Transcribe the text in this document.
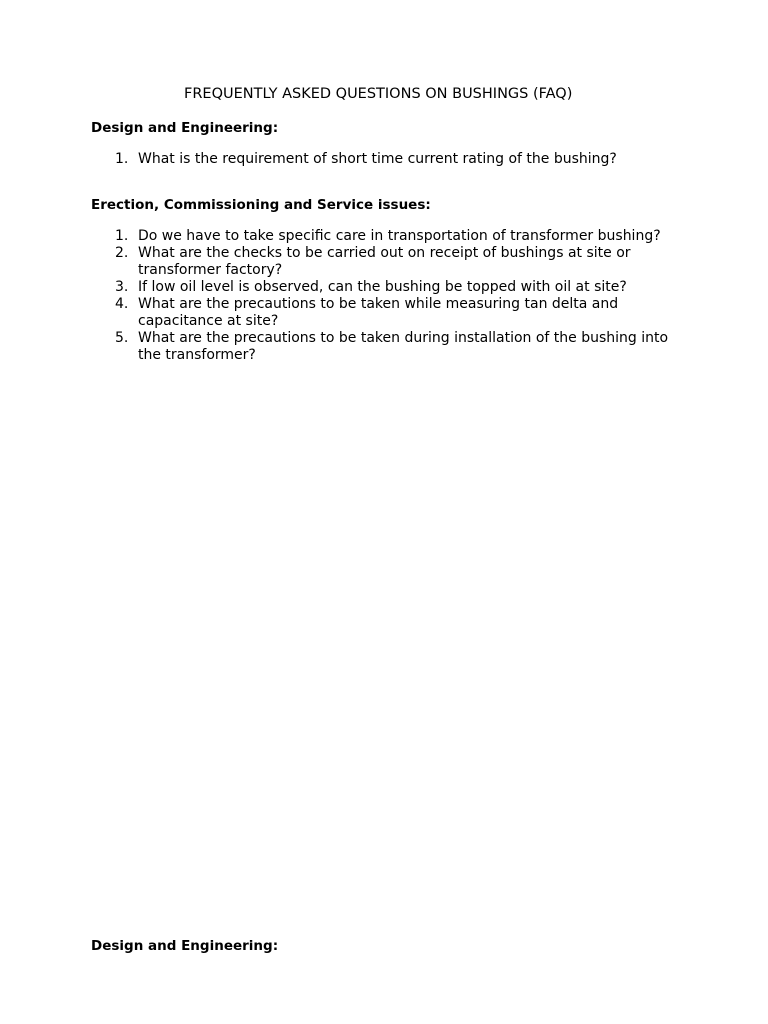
FREQUENTLY ASKED QUESTIONS ON BUSHINGS (FAQ)
Design and Engineering:
1. What is the requirement of short time current rating of the bushing?
Erection, Commissioning and Service issues:
1. Do we have to take specific care in transportation of transformer bushing?
2. What are the checks to be carried out on receipt of bushings at site or transformer factory?
3. If low oil level is observed, can the bushing be topped with oil at site?
4. What are the precautions to be taken while measuring tan delta and capacitance at site?
5. What are the precautions to be taken during installation of the bushing into the transformer?
Design and Engineering:
